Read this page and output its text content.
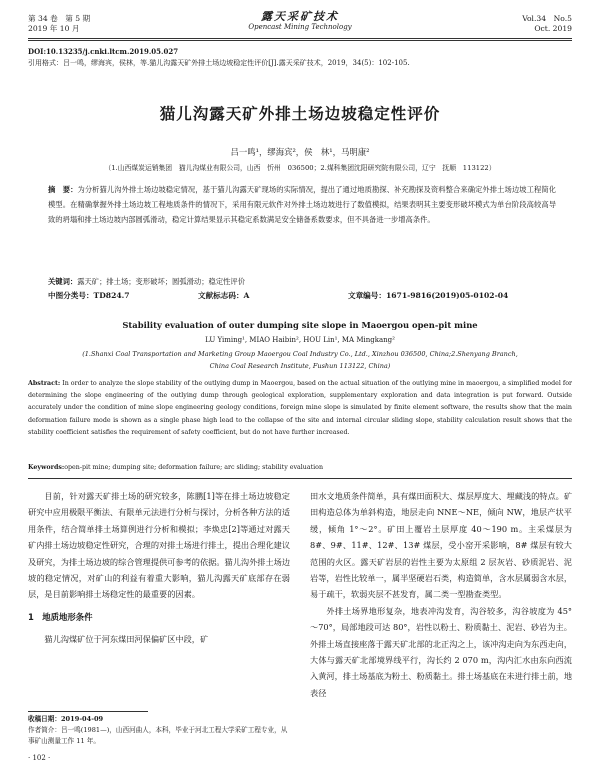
第 34 卷　第 5 期
2019 年 10 月
露天采矿技术
Opencast Mining Technology
Vol.34　No.5
Oct. 2019
DOI:10.13235/j.cnki.ltcm.2019.05.027
引用格式：吕一鸣，缪海宾，侯林，等.猫儿沟露天矿外排土场边坡稳定性评价[J].露天采矿技术，2019，34(5)：102-105.
猫儿沟露天矿外排土场边坡稳定性评价
吕一鸣¹，缪海宾²，侯　林¹，马明康²
（1.山西煤炭运销集团　猫儿沟煤业有限公司，山西　忻州　036500；2.煤科集团沈阳研究院有限公司，辽宁　抚顺　113122）
摘　要：为分析猫儿沟外排土场边坡稳定情况，基于猫儿沟露天矿现场的实际情况，提出了通过地质勘探、补充勘探及资料整合来确定外排土场边坡工程简化模型。在精确掌握外排土场边坡工程地质条件的情况下，采用有限元软件对外排土场边坡进行了数值模拟，结果表明其主要变形破坏模式为单台阶段高较高导致的坍塌和排土场边坡内部圆弧滑动，稳定计算结果显示其稳定系数满足安全储备系数要求，但不具备进一步增高条件。
关键词：露天矿；排土场；变形破坏；圆弧滑动；稳定性评价
中图分类号：TD824.7	文献标志码：A	文章编号：1671-9816(2019)05-0102-04
Stability evaluation of outer dumping site slope in Maoergou open-pit mine
LU Yiming¹, MIAO Haibin², HOU Lin¹, MA Mingkang²
(1.Shanxi Coal Transportation and Marketing Group Maoergou Coal Industry Co., Ltd., Xinzhou 036500, China;2.Shenyang Branch,
China Coal Research Institute, Fushun 113122, China)
Abstract: In order to analyze the slope stability of the outlying dump in Maoergou, based on the actual situation of the outlying mine in maoergou, a simplified model for determining the slope engineering of the outlying dump through geological exploration, supplementary exploration and data integration is put forward. Outside accurately under the condition of mine slope engineering geology conditions, foreign mine slope is simulated by finite element software, the results show that the main deformation failure mode is shown as a single phase high lead to the collapse of the site and internal circular sliding slope, stability calculation result shows that the stability coefficient satisfies the requirement of safety coefficient, but do not have further increased.
Keywords:open-pit mine; dumping site; deformation failure; arc sliding; stability evaluation
目前，针对露天矿排土场的研究较多，陈鹏[1]等在排土场边坡稳定研究中应用极限平衡法、有限单元法进行分析与探讨，分析各种方法的适用条件，结合简单排土场算例进行分析和模拟；李焕忠[2]等通过对露天矿内排土场边坡稳定性研究，合理的对排土场进行排土，提出合理化建议及研究，为排土场边坡的综合管理提供可参考的依据。猫儿沟外排土场边坡的稳定情况，对矿山的利益有着重大影响，猫儿沟露天矿底部存在弱层，是目前影响排土场稳定性的最重要的因素。
1　 地质地形条件
猫儿沟煤矿位于河东煤田河保偏矿区中段，矿
田水文地质条件简单，具有煤田面积大、煤层厚度大、埋藏浅的特点。矿田构造总体为单斜构造，地层走向 NNE～NE，倾向 NW，地层产状平缓，倾角 1°～2°。矿田上覆岩土层厚度 40～190 m。主采煤层为 8#、9#、11#、12#、13# 煤层，受小窑开采影响，8# 煤层有较大范围的火区。露天矿岩层的岩性主要为太原组 2 层灰岩、砂质泥岩、泥岩等，岩性比较单一，属半坚硬岩石类，构造简单，含水层属弱含水层，易于疏干，软弱夹层不甚发育，属二类一型勘查类型。
外排土场界地形复杂，地表冲沟发育，沟谷较多，沟谷坡度为 45°～70°，局部地段可达 80°，岩性以粉土、粉质黏土、泥岩、砂岩为主。外排土场直接座落于露天矿北部的北正沟之上，该冲沟走向为东西走向，大体与露天矿北部境界线平行，沟长约 2 070 m，沟内汇水由东向西流入黄河，排土场基底为粉土、粉质黏土。排土场基底在未进行排土前，地表径
收稿日期：2019-04-09
作者简介：吕一鸣(1981—)，山西河曲人，本科，毕业于河北工程大学采矿工程专业，从事矿山测量工作 11 年。
· 102 ·
